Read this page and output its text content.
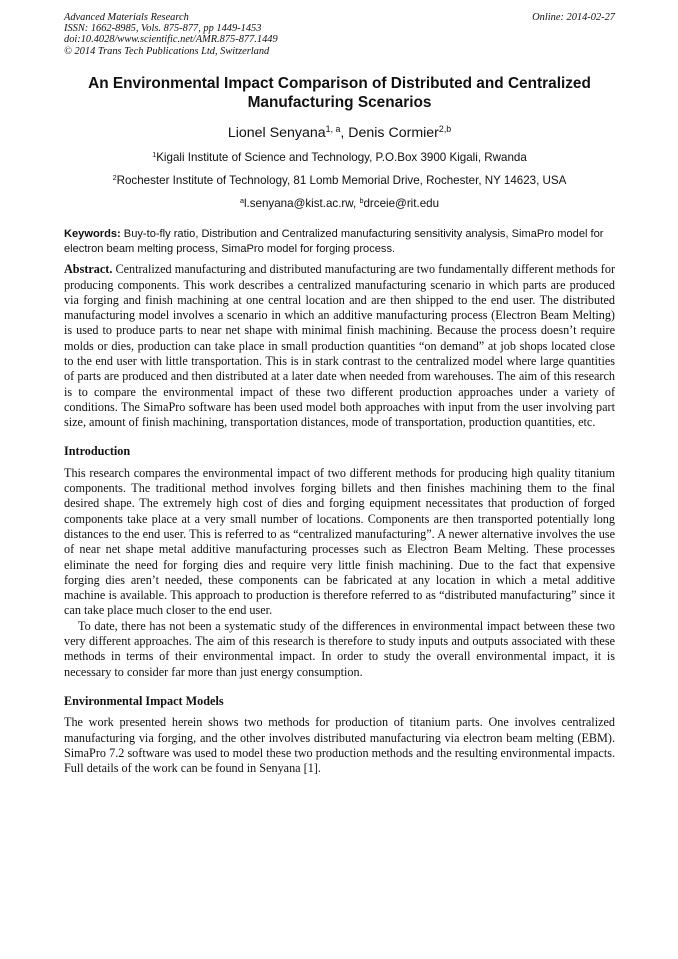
Advanced Materials Research
ISSN: 1662-8985, Vols. 875-877, pp 1449-1453
doi:10.4028/www.scientific.net/AMR.875-877.1449
© 2014 Trans Tech Publications Ltd, Switzerland
Online: 2014-02-27
An Environmental Impact Comparison of Distributed and Centralized
Manufacturing Scenarios
Lionel Senyana$^{1, a}$, Denis Cormier$^{2,b}$
$^1$Kigali Institute of Science and Technology, P.O.Box 3900 Kigali, Rwanda
$^2$Rochester Institute of Technology, 81 Lomb Memorial Drive, Rochester, NY 14623, USA
$^a$l.senyana@kist.ac.rw, $^b$drceie@rit.edu
Keywords: Buy-to-fly ratio, Distribution and Centralized manufacturing sensitivity analysis, SimaPro model for electron beam melting process, SimaPro model for forging process.

Abstract. Centralized manufacturing and distributed manufacturing are two fundamentally different methods for producing components. This work describes a centralized manufacturing scenario in which parts are produced via forging and finish machining at one central location and are then shipped to the end user. The distributed manufacturing model involves a scenario in which an additive manufacturing process (Electron Beam Melting) is used to produce parts to near net shape with minimal finish machining. Because the process doesn’t require molds or dies, production can take place in small production quantities “on demand” at job shops located close to the end user with little transportation. This is in stark contrast to the centralized model where large quantities of parts are produced and then distributed at a later date when needed from warehouses. The aim of this research is to compare the environmental impact of these two different production approaches under a variety of conditions. The SimaPro software has been used model both approaches with input from the user involving part size, amount of finish machining, transportation distances, mode of transportation, production quantities, etc.

Introduction

This research compares the environmental impact of two different methods for producing high quality titanium components. The traditional method involves forging billets and then finishes machining them to the final desired shape. The extremely high cost of dies and forging equipment necessitates that production of forged components take place at a very small number of locations. Components are then transported potentially long distances to the end user. This is referred to as “centralized manufacturing”. A newer alternative involves the use of near net shape metal additive manufacturing processes such as Electron Beam Melting. These processes eliminate the need for forging dies and require very little finish machining. Due to the fact that expensive forging dies aren’t needed, these components can be fabricated at any location in which a metal additive machine is available. This approach to production is therefore referred to as “distributed manufacturing” since it can take place much closer to the end user.

To date, there has not been a systematic study of the differences in environmental impact between these two very different approaches. The aim of this research is therefore to study inputs and outputs associated with these methods in terms of their environmental impact. In order to study the overall environmental impact, it is necessary to consider far more than just energy consumption.

Environmental Impact Models

The work presented herein shows two methods for production of titanium parts. One involves centralized manufacturing via forging, and the other involves distributed manufacturing via electron beam melting (EBM). SimaPro 7.2 software was used to model these two production methods and the resulting environmental impacts. Full details of the work can be found in Senyana [1].
